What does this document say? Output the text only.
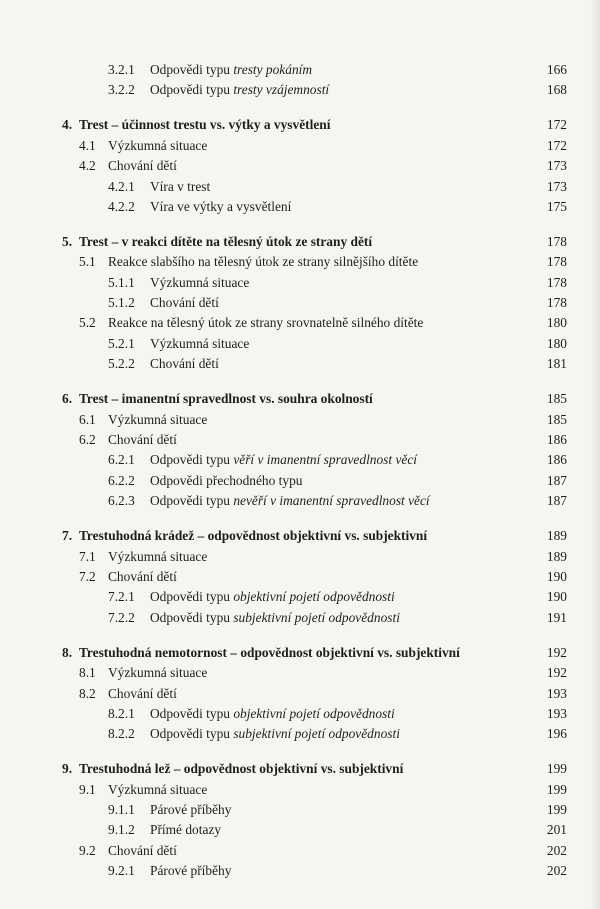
3.2.1 Odpovědi typu tresty pokáním	166
3.2.2 Odpovědi typu tresty vzájemností	168
4. Trest – účinnost trestu vs. výtky a vysvětlení	172
4.1 Výzkumná situace	172
4.2 Chování dětí	173
4.2.1 Víra v trest	173
4.2.2 Víra ve výtky a vysvětlení	175
5. Trest – v reakci dítěte na tělesný útok ze strany dětí	178
5.1 Reakce slabšího na tělesný útok ze strany silnějšího dítěte	178
5.1.1 Výzkumná situace	178
5.1.2 Chování dětí	178
5.2 Reakce na tělesný útok ze strany srovnatelně silného dítěte	180
5.2.1 Výzkumná situace	180
5.2.2 Chování dětí	181
6. Trest – imanentní spravedlnost vs. souhra okolností	185
6.1 Výzkumná situace	185
6.2 Chování dětí	186
6.2.1 Odpovědi typu věří v imanentní spravedlnost věcí	186
6.2.2 Odpovědi přechodného typu	187
6.2.3 Odpovědi typu nevěří v imanentní spravedlnost věcí	187
7. Trestuhodná krádež – odpovědnost objektivní vs. subjektivní	189
7.1 Výzkumná situace	189
7.2 Chování dětí	190
7.2.1 Odpovědi typu objektivní pojetí odpovědnosti	190
7.2.2 Odpovědi typu subjektivní pojetí odpovědnosti	191
8. Trestuhodná nemotornost – odpovědnost objektivní vs. subjektivní	192
8.1 Výzkumná situace	192
8.2 Chování dětí	193
8.2.1 Odpovědi typu objektivní pojetí odpovědnosti	193
8.2.2 Odpovědi typu subjektivní pojetí odpovědnosti	196
9. Trestuhodná lež – odpovědnost objektivní vs. subjektivní	199
9.1 Výzkumná situace	199
9.1.1 Párové příběhy	199
9.1.2 Přímé dotazy	201
9.2 Chování dětí	202
9.2.1 Párové příběhy	202
